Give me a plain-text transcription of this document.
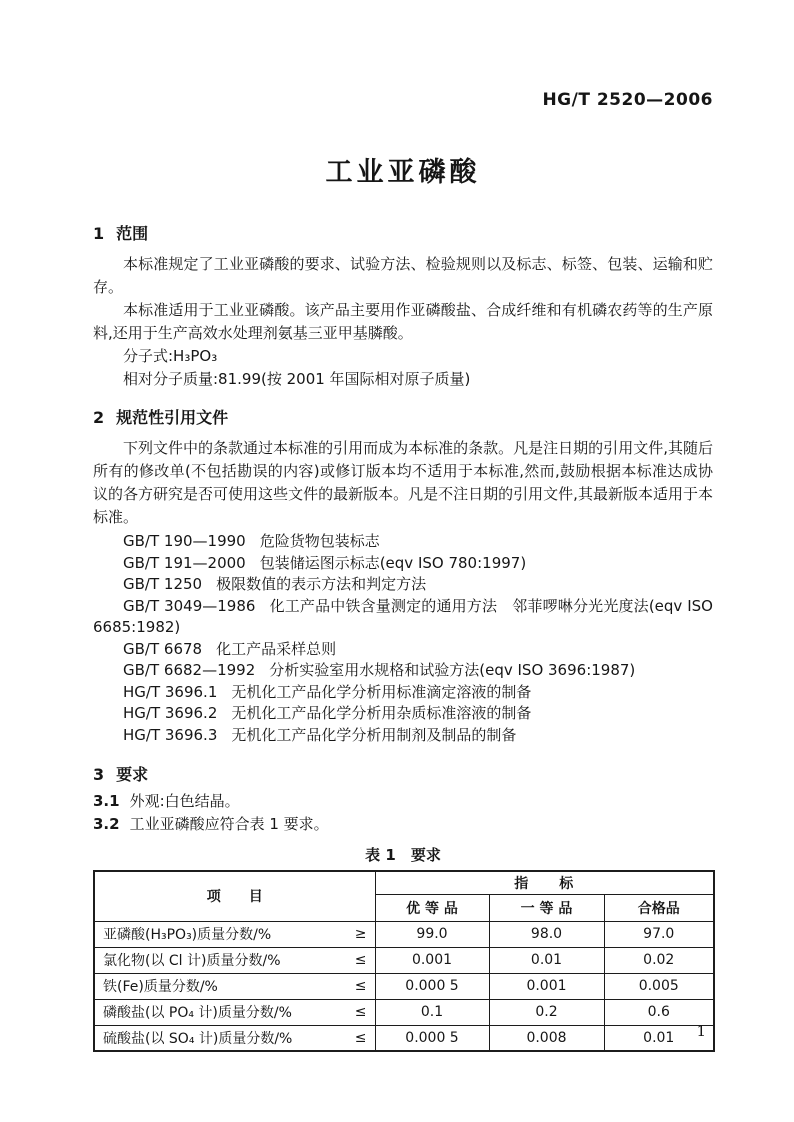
HG/T 2520—2006
工业亚磷酸
1 范围

本标准规定了工业亚磷酸的要求、试验方法、检验规则以及标志、标签、包装、运输和贮存。

本标准适用于工业亚磷酸。该产品主要用作亚磷酸盐、合成纤维和有机磷农药等的生产原料,还用于生产高效水处理剂氨基三亚甲基膦酸。

分子式:H₃PO₃
相对分子质量:81.99(按 2001 年国际相对原子质量)
2 规范性引用文件

下列文件中的条款通过本标准的引用而成为本标准的条款。凡是注日期的引用文件,其随后所有的修改单(不包括勘误的内容)或修订版本均不适用于本标准,然而,鼓励根据本标准达成协议的各方研究是否可使用这些文件的最新版本。凡是不注日期的引用文件,其最新版本适用于本标准。

GB/T 190—1990 危险货物包装标志
GB/T 191—2000 包装储运图示标志(eqv ISO 780:1997)
GB/T 1250 极限数值的表示方法和判定方法
GB/T 3049—1986 化工产品中铁含量测定的通用方法　邻菲啰啉分光光度法(eqv ISO 6685:1982)
GB/T 6678 化工产品采样总则
GB/T 6682—1992 分析实验室用水规格和试验方法(eqv ISO 3696:1987)
HG/T 3696.1 无机化工产品化学分析用标准滴定溶液的制备
HG/T 3696.2 无机化工产品化学分析用杂质标准溶液的制备
HG/T 3696.3 无机化工产品化学分析用制剂及制品的制备
3 要求
3.1 外观:白色结晶。
3.2 工业亚磷酸应符合表 1 要求。
表 1　要求
项　　目	指　　标		
	优 等 品	一 等 品	合格品

亚磷酸(H₃PO₃)质量分数/% ≥	99.0	98.0	97.0

氯化物(以 Cl 计)质量分数/% ≤	0.001	0.01	0.02

铁(Fe)质量分数/% ≤	0.000 5	0.001	0.005

磷酸盐(以 PO₄ 计)质量分数/% ≤	0.1	0.2	0.6

硫酸盐(以 SO₄ 计)质量分数/% ≤	0.000 5	0.008	0.01 1
